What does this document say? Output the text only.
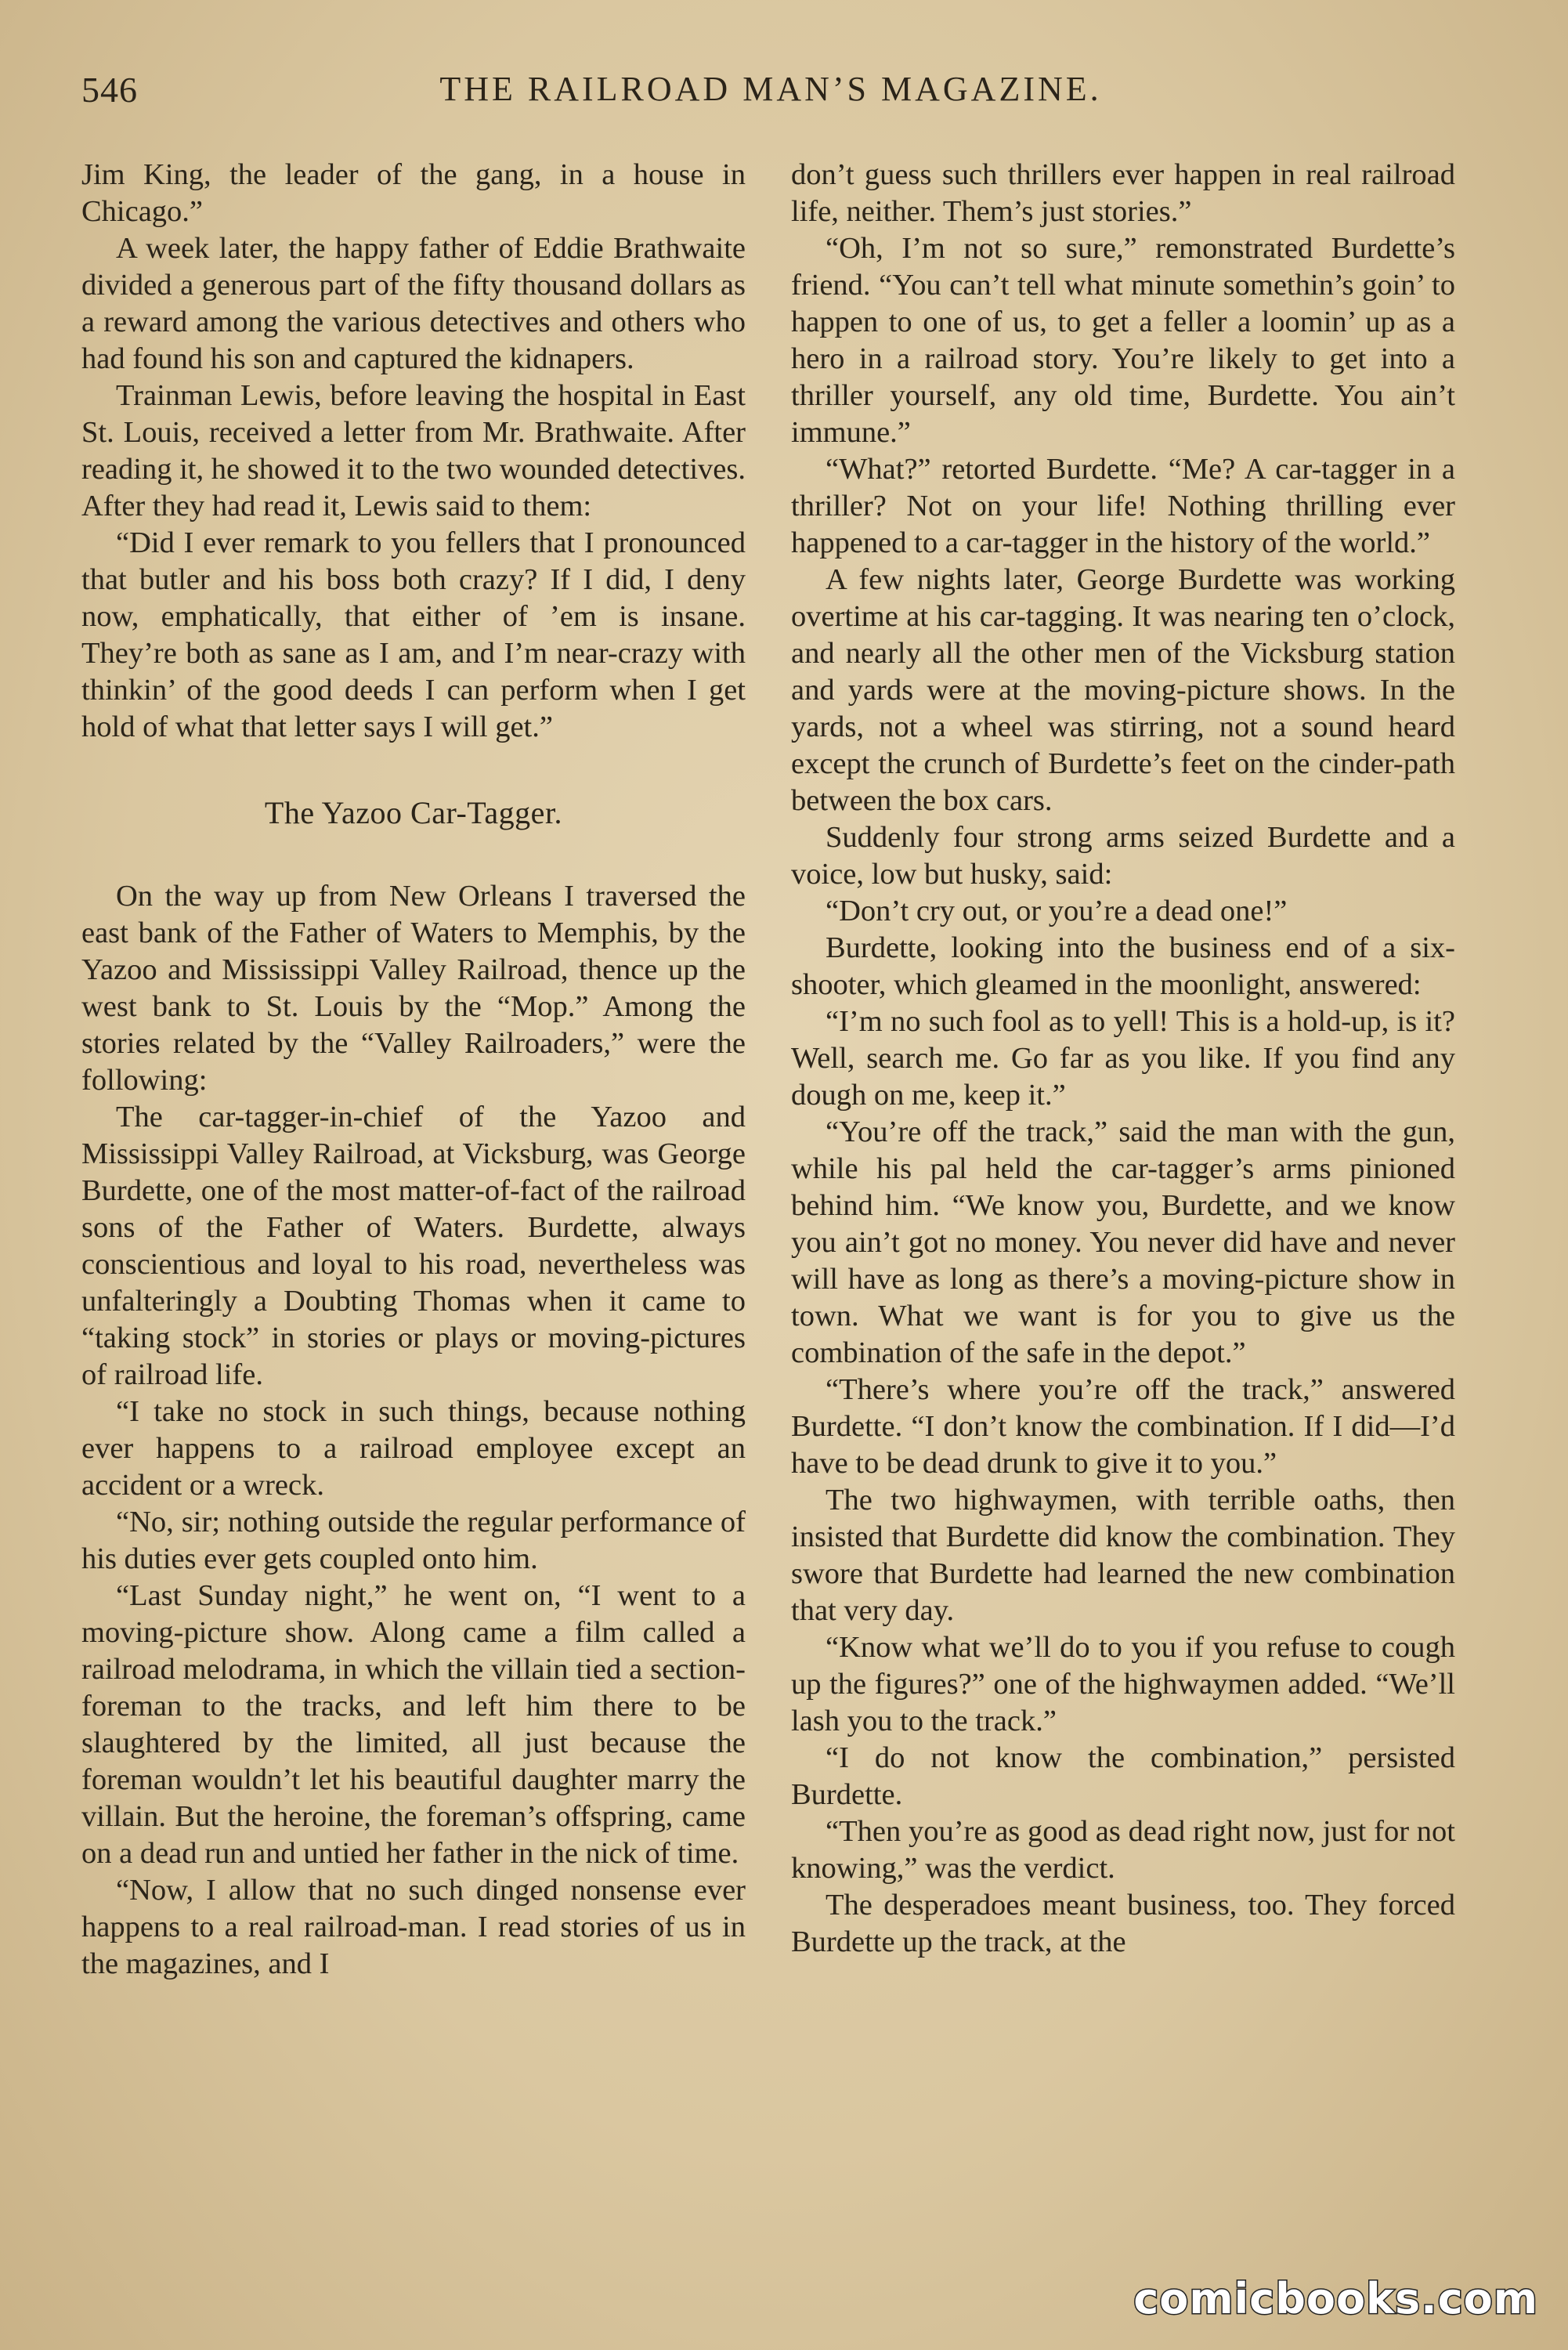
546	THE RAILROAD MAN’S MAGAZINE.

Jim King, the leader of the gang, in a house in Chicago.”

A week later, the happy father of Eddie Brathwaite divided a generous part of the fifty thousand dollars as a reward among the various detectives and others who had found his son and captured the kidnapers.

Trainman Lewis, before leaving the hospital in East St. Louis, received a letter from Mr. Brathwaite. After reading it, he showed it to the two wounded detectives. After they had read it, Lewis said to them:

“Did I ever remark to you fellers that I pronounced that butler and his boss both crazy? If I did, I deny now, emphatically, that either of ’em is insane. They’re both as sane as I am, and I’m near-crazy with thinkin’ of the good deeds I can perform when I get hold of what that letter says I will get.”

The Yazoo Car-Tagger.

On the way up from New Orleans I traversed the east bank of the Father of Waters to Memphis, by the Yazoo and Mississippi Valley Railroad, thence up the west bank to St. Louis by the “Mop.” Among the stories related by the “Valley Railroaders,” were the following:

The car-tagger-in-chief of the Yazoo and Mississippi Valley Railroad, at Vicksburg, was George Burdette, one of the most matter-of-fact of the railroad sons of the Father of Waters. Burdette, always conscientious and loyal to his road, nevertheless was unfalteringly a Doubting Thomas when it came to “taking stock” in stories or plays or moving-pictures of railroad life.

“I take no stock in such things, because nothing ever happens to a railroad employee except an accident or a wreck.

“No, sir; nothing outside the regular performance of his duties ever gets coupled onto him.

“Last Sunday night,” he went on, “I went to a moving-picture show. Along came a film called a railroad melodrama, in which the villain tied a section-foreman to the tracks, and left him there to be slaughtered by the limited, all just because the foreman wouldn’t let his beautiful daughter marry the villain. But the heroine, the foreman’s offspring, came on a dead run and untied her father in the nick of time.

“Now, I allow that no such dinged nonsense ever happens to a real railroad-man. I read stories of us in the magazines, and I

don’t guess such thrillers ever happen in real railroad life, neither. Them’s just stories.”

“Oh, I’m not so sure,” remonstrated Burdette’s friend. “You can’t tell what minute somethin’s goin’ to happen to one of us, to get a feller a loomin’ up as a hero in a railroad story. You’re likely to get into a thriller yourself, any old time, Burdette. You ain’t immune.”

“What?” retorted Burdette. “Me? A car-tagger in a thriller? Not on your life! Nothing thrilling ever happened to a car-tagger in the history of the world.”

A few nights later, George Burdette was working overtime at his car-tagging. It was nearing ten o’clock, and nearly all the other men of the Vicksburg station and yards were at the moving-picture shows. In the yards, not a wheel was stirring, not a sound heard except the crunch of Burdette’s feet on the cinder-path between the box cars.

Suddenly four strong arms seized Burdette and a voice, low but husky, said:

“Don’t cry out, or you’re a dead one!”

Burdette, looking into the business end of a six-shooter, which gleamed in the moonlight, answered:

“I’m no such fool as to yell! This is a hold-up, is it? Well, search me. Go far as you like. If you find any dough on me, keep it.”

“You’re off the track,” said the man with the gun, while his pal held the car-tagger’s arms pinioned behind him. “We know you, Burdette, and we know you ain’t got no money. You never did have and never will have as long as there’s a moving-picture show in town. What we want is for you to give us the combination of the safe in the depot.”

“There’s where you’re off the track,” answered Burdette. “I don’t know the combination. If I did—I’d have to be dead drunk to give it to you.”

The two highwaymen, with terrible oaths, then insisted that Burdette did know the combination. They swore that Burdette had learned the new combination that very day.

“Know what we’ll do to you if you refuse to cough up the figures?” one of the highwaymen added. “We’ll lash you to the track.”

“I do not know the combination,” persisted Burdette.

“Then you’re as good as dead right now, just for not knowing,” was the verdict.

The desperadoes meant business, too. They forced Burdette up the track, at the

comicbooks.com
